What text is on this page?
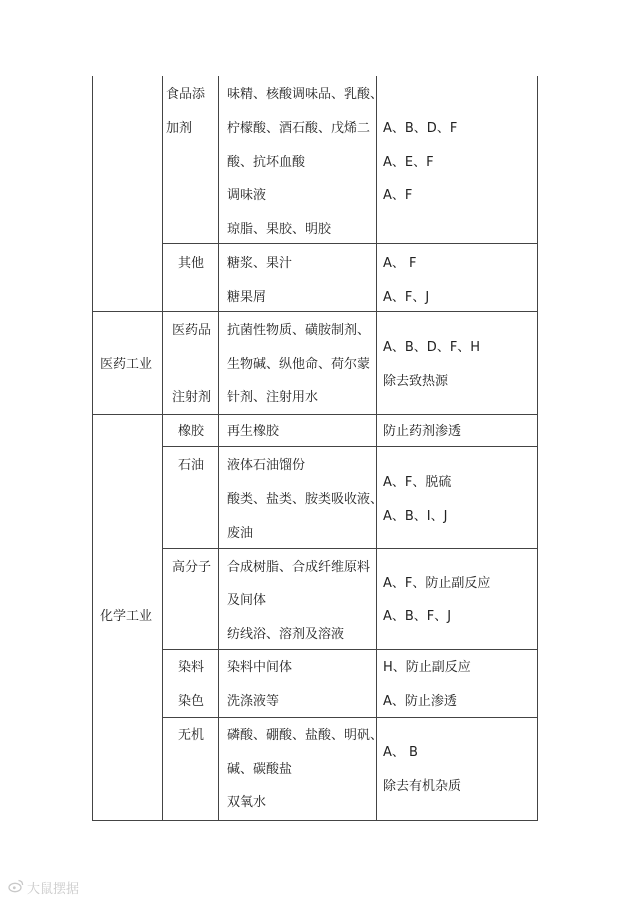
食品添
加剂
味精、核酸调味品、乳酸、
柠檬酸、酒石酸、戊烯二
酸、抗坏血酸
调味液
琼脂、果胶、明胶
A、B、D、F
A、E、F
A、F
其他 糖浆、果汁
糖果屑
A、 F
A、F、J
医药工业
医药品
注射剂
抗菌性物质、磺胺制剂、
生物碱、纵他命、荷尔蒙
针剂、注射用水
A、B、D、F、H
除去致热源
化学工业
橡胶 再生橡胶	防止药剂渗透
石油 液体石油馏份
酸类、盐类、胺类吸收液、
废油
A、F、脱硫
A、B、I、J
高分子 合成树脂、合成纤维原料
及间体
纺线浴、溶剂及溶液
A、F、防止副反应
A、B、F、J
染料
染色
染料中间体
洗涤液等
H、防止副反应
A、防止渗透
无机 磷酸、硼酸、盐酸、明矾、
碱、碳酸盐
双氧水
A、 B
除去有机杂质
大鼠摆据
